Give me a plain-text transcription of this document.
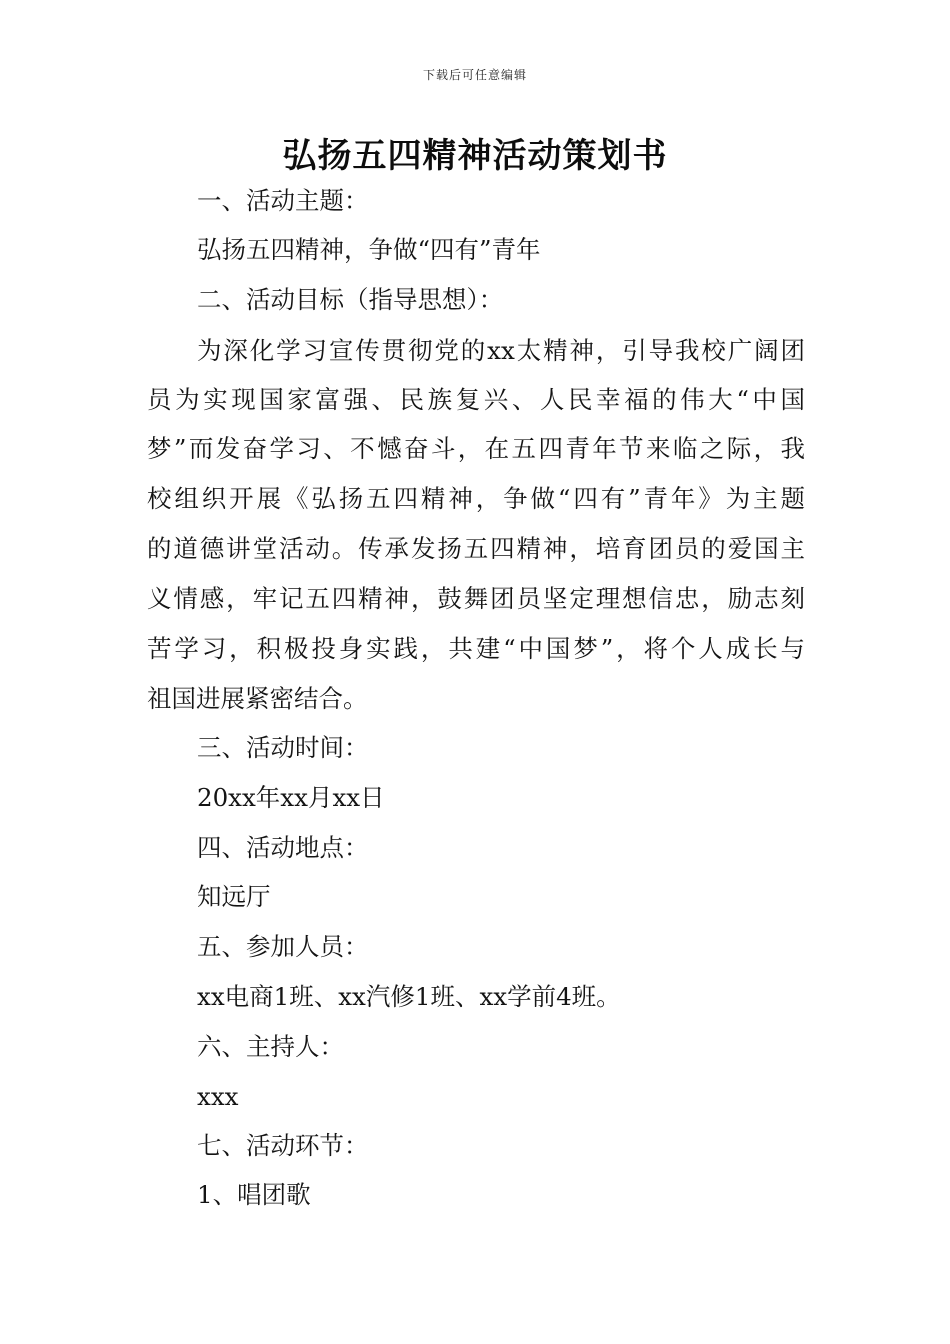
下载后可任意编辑
弘扬五四精神活动策划书
一、活动主题：
弘扬五四精神，争做“四有”青年
二、活动目标（指导思想）：
为深化学习宣传贯彻党的xx太精神，引导我校广阔团
员为实现国家富强、民族复兴、人民幸福的伟大“中国
梦”而发奋学习、不憾奋斗，在五四青年节来临之际，我
校组织开展《弘扬五四精神，争做“四有”青年》为主题
的道德讲堂活动。传承发扬五四精神，培育团员的爱国主
义情感，牢记五四精神，鼓舞团员坚定理想信忠，励志刻
苦学习，积极投身实践，共建“中国梦”，将个人成长与
祖国进展紧密结合。
三、活动时间：
20xx年xx月xx日
四、活动地点：
知远厅
五、参加人员：
xx电商1班、xx汽修1班、xx学前4班。
六、主持人：
xxx
七、活动环节：
1、唱团歌
